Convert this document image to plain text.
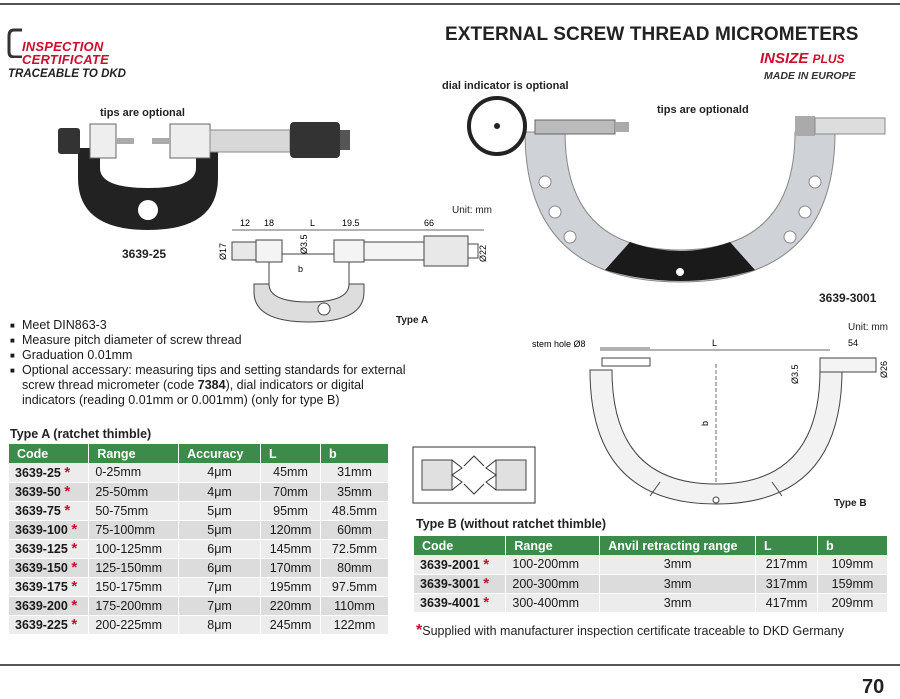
INSPECTION
CERTIFICATE
TRACEABLE TO DKD
EXTERNAL SCREW THREAD MICROMETERS
INSIZE PLUS
MADE IN EUROPE
tips are optional
3639-25
Unit: mm
12 18	L	19.5	66
Ø17	Ø3.5
b
Ø22
Type A
dial indicator is optional
tips are optionald
3639-3001
Unit: mm
stem hole Ø8	L	54
b
Ø3.5	Ø26
Type B
■ Meet DIN863-3
■ Measure pitch diameter of screw thread
■ Graduation 0.01mm
■ Optional accessary: measuring tips and setting standards for external screw thread micrometer (code 7384), dial indicators or digital indicators (reading 0.01mm or 0.001mm) (only for type B)
Type A (ratchet thimble)
Code	Range	Accuracy	L	b
3639-25 *	0-25mm	4μm	45mm	31mm
3639-50 *	25-50mm	4μm	70mm	35mm
3639-75 *	50-75mm	5μm	95mm	48.5mm
3639-100 *	75-100mm	5μm	120mm	60mm
3639-125 *	100-125mm	6μm	145mm	72.5mm
3639-150 *	125-150mm	6μm	170mm	80mm
3639-175 *	150-175mm	7μm	195mm	97.5mm
3639-200 *	175-200mm	7μm	220mm	110mm
3639-225 *	200-225mm	8μm	245mm	122mm
Type B (without ratchet thimble)
Code	Range	Anvil retracting range	L	b
3639-2001 *	100-200mm	3mm	217mm	109mm
3639-3001 *	200-300mm	3mm	317mm	159mm
3639-4001 *	300-400mm	3mm	417mm	209mm
*Supplied with manufacturer inspection certificate traceable to DKD Germany
70
